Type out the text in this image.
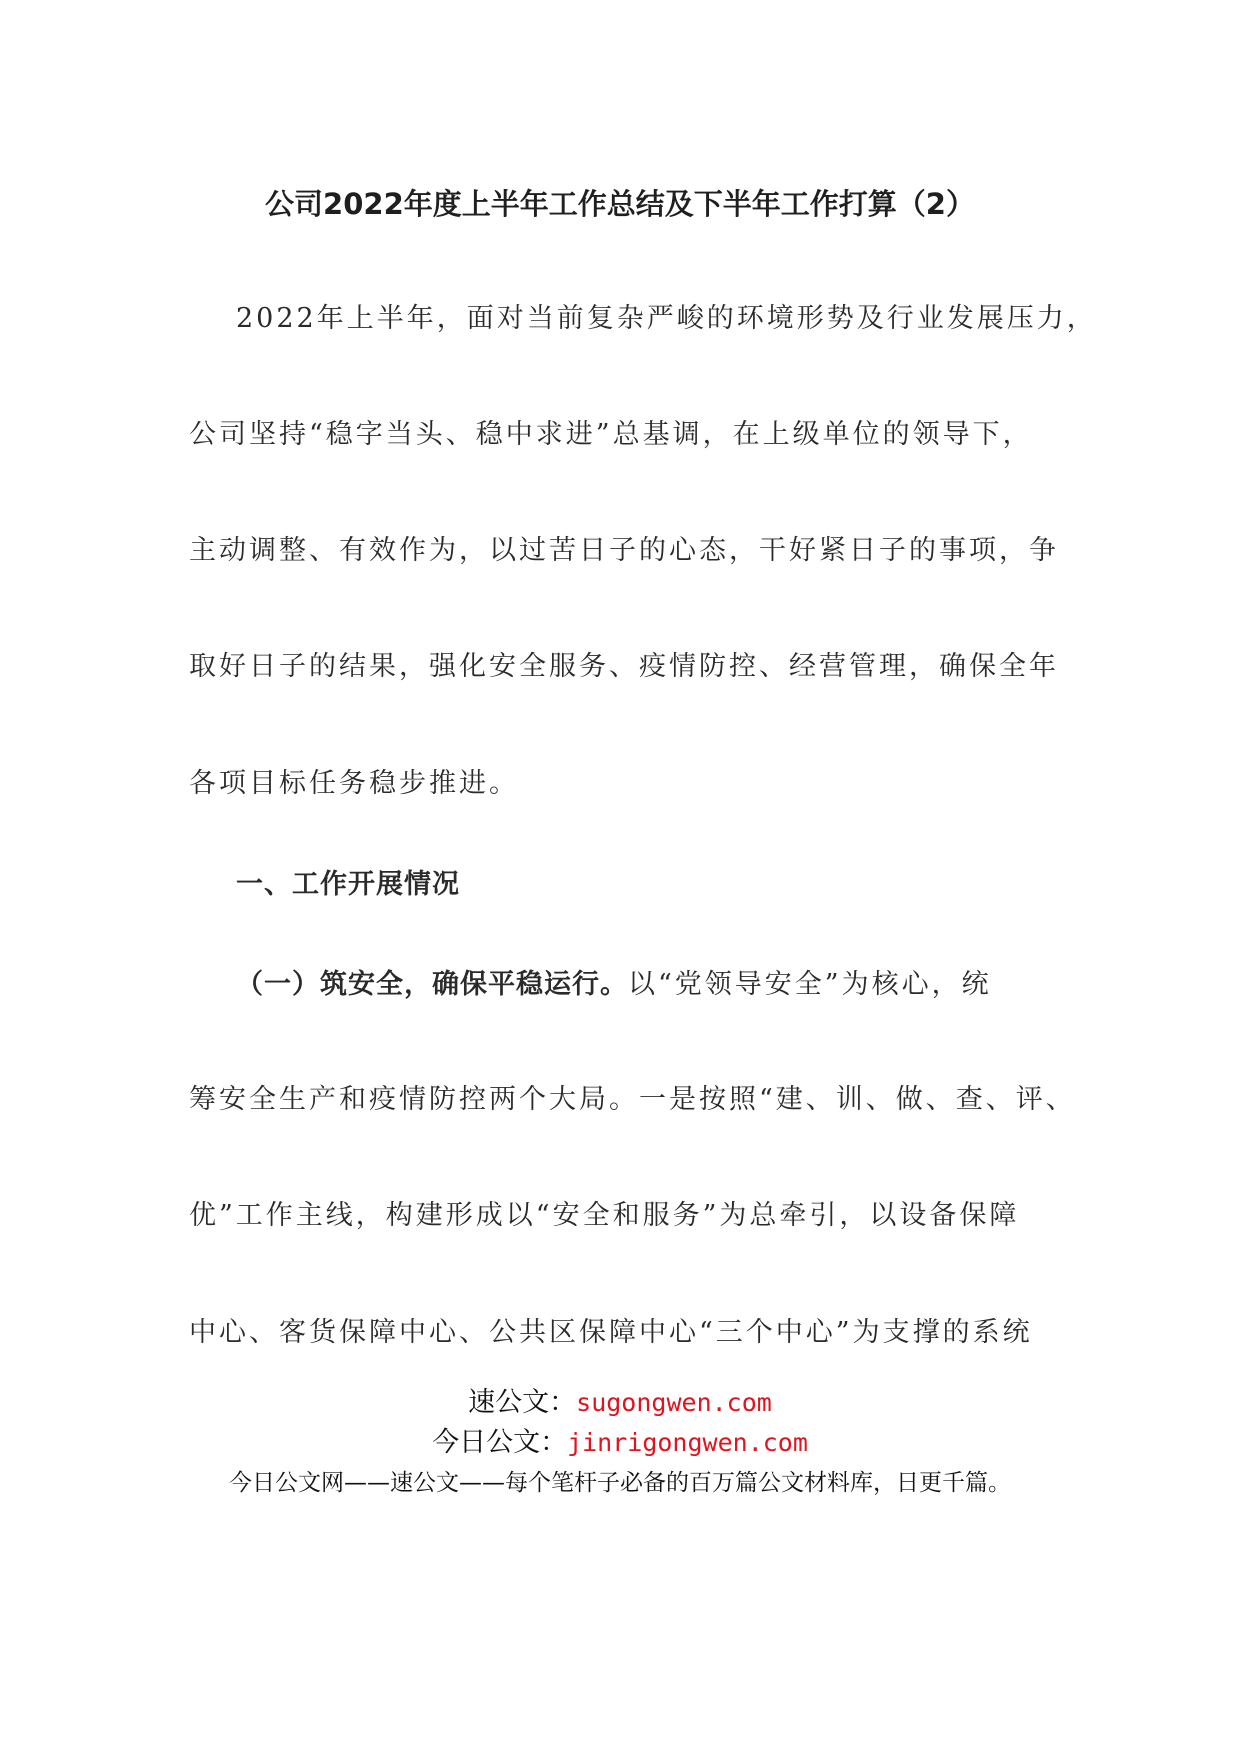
公司2022年度上半年工作总结及下半年工作打算（2）
2022年上半年，面对当前复杂严峻的环境形势及行业发展压力，
公司坚持“稳字当头、稳中求进”总基调，在上级单位的领导下，
主动调整、有效作为，以过苦日子的心态，干好紧日子的事项，争
取好日子的结果，强化安全服务、疫情防控、经营管理，确保全年
各项目标任务稳步推进。
一、工作开展情况
（一）筑安全，确保平稳运行。以“党领导安全”为核心，统
筹安全生产和疫情防控两个大局。一是按照“建、训、做、查、评、
优”工作主线，构建形成以“安全和服务”为总牵引，以设备保障
中心、客货保障中心、公共区保障中心“三个中心”为支撑的系统
速公文：sugongwen.com
今日公文：jinrigongwen.com
今日公文网——速公文——每个笔杆子必备的百万篇公文材料库，日更千篇。
